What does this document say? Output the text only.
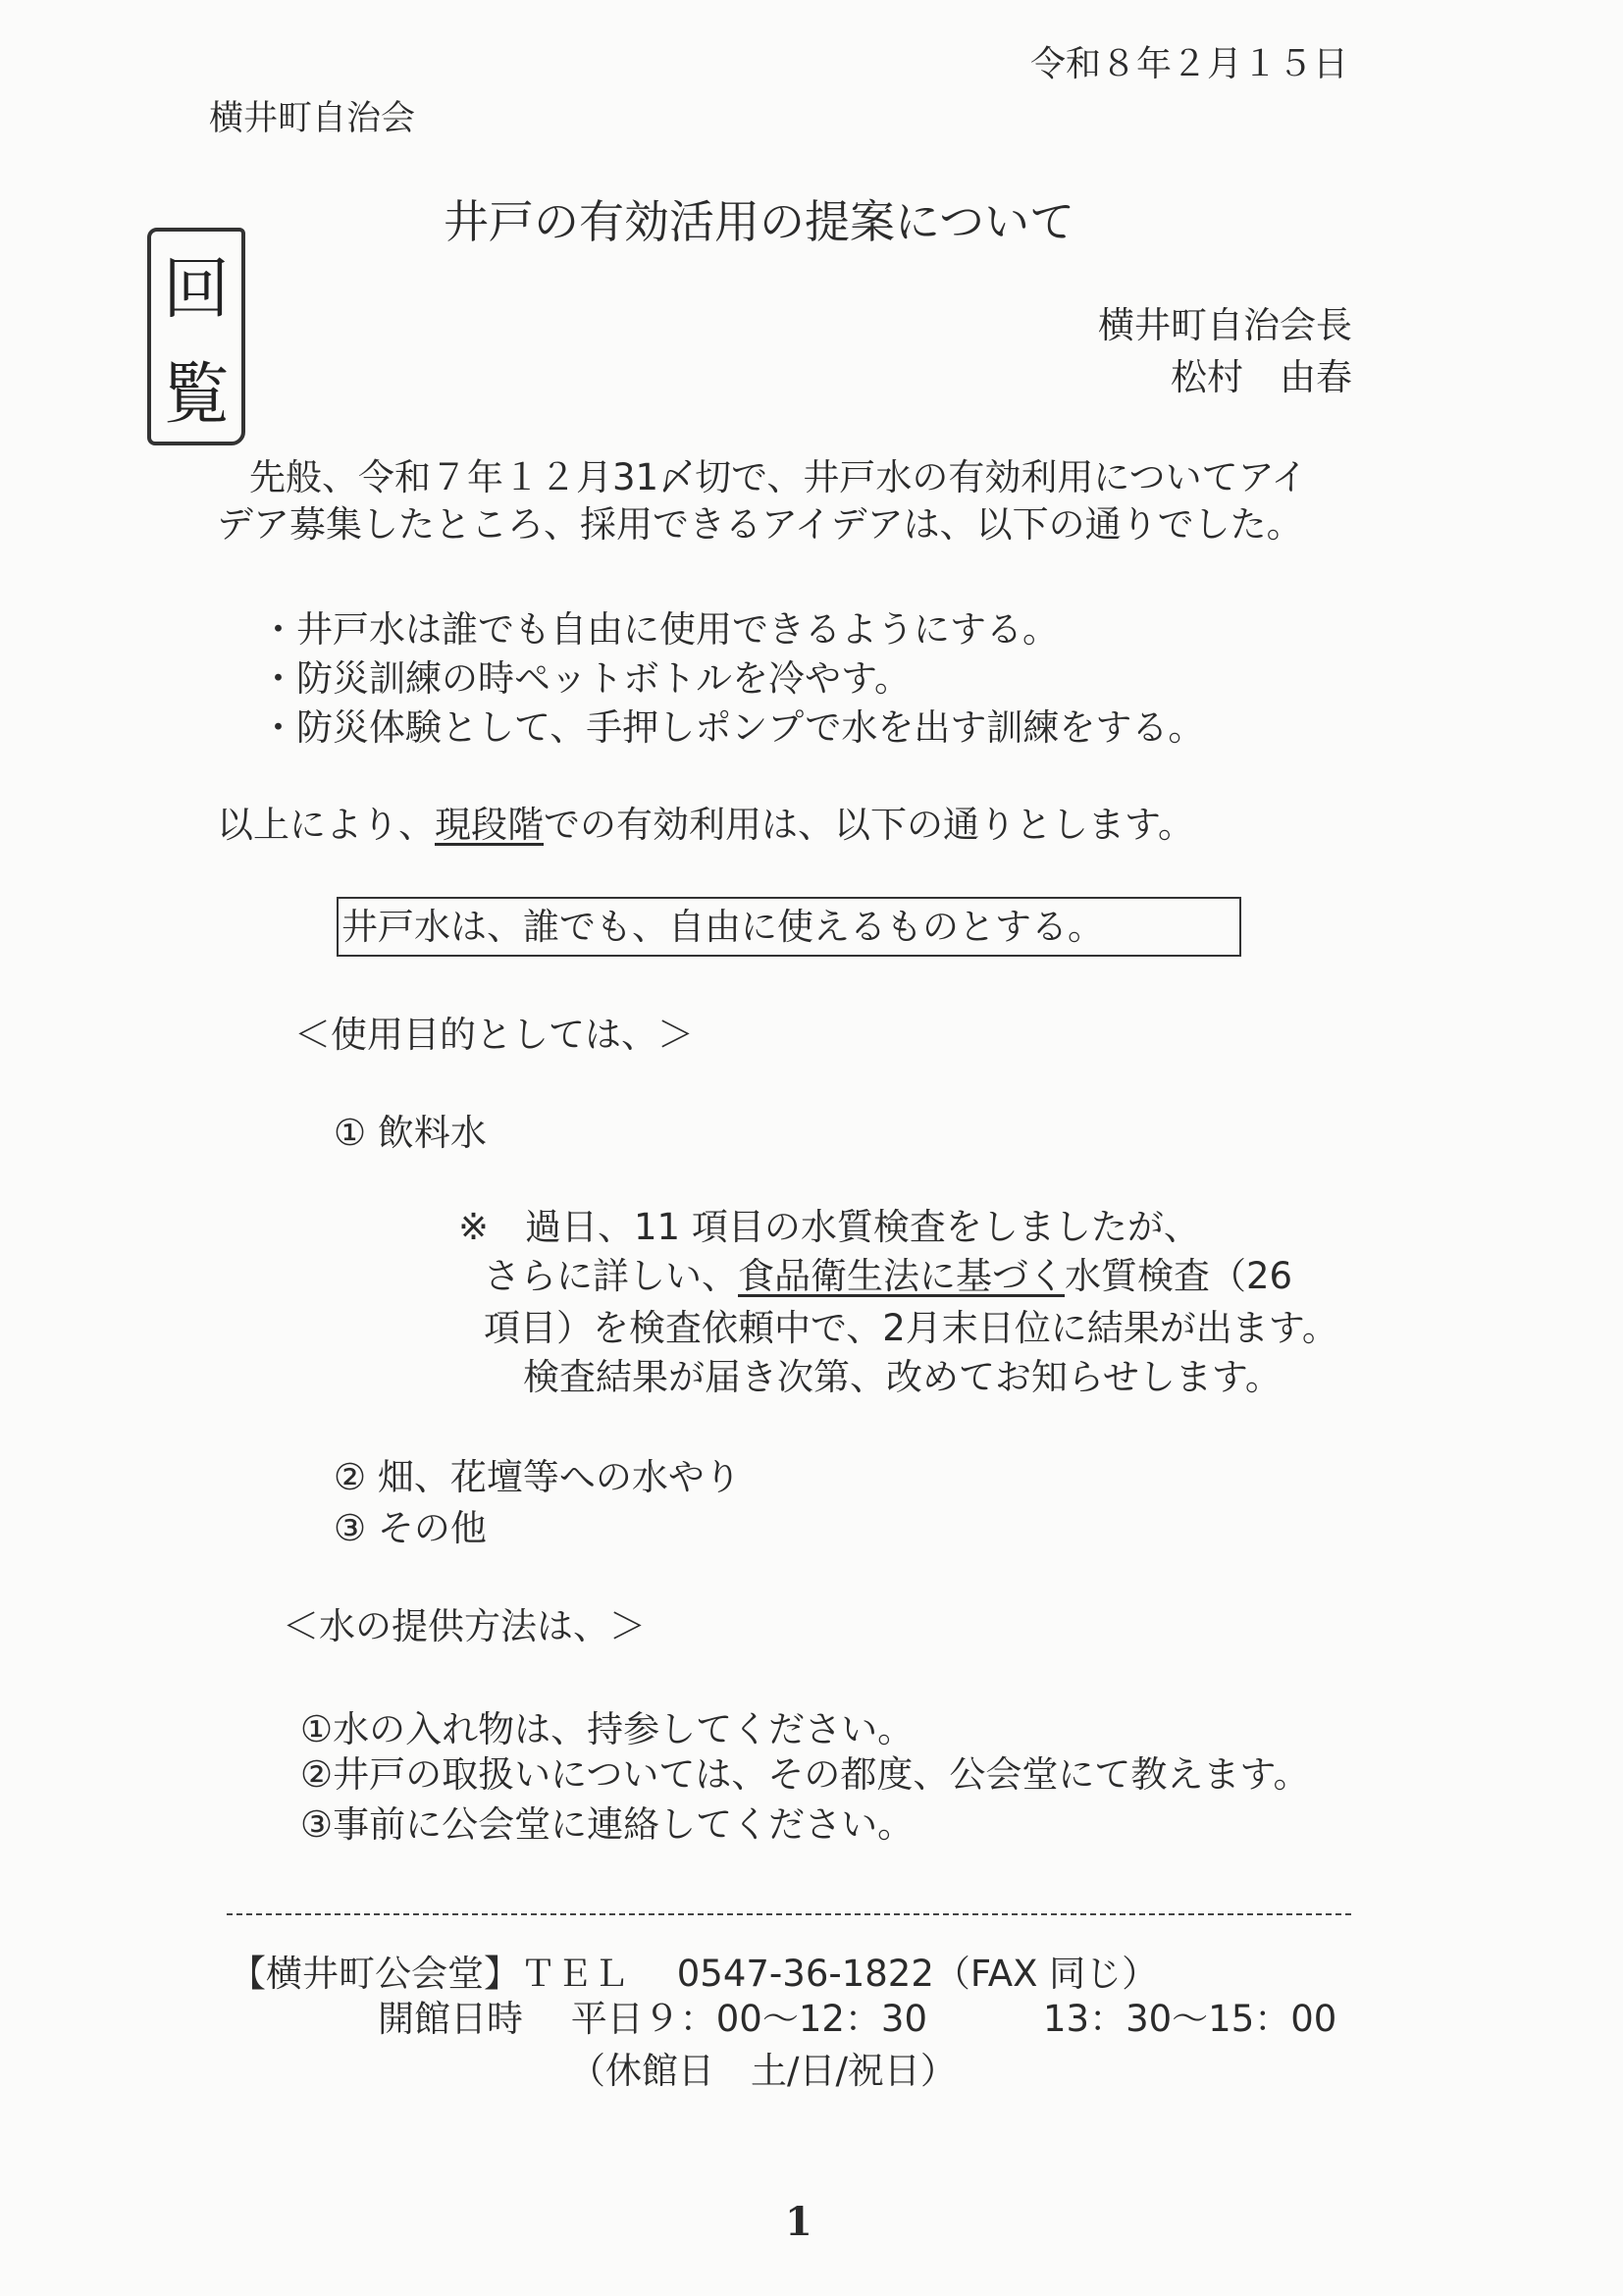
令和８年２月１５日
横井町自治会
井戸の有効活用の提案について
回
覧
横井町自治会長
松村　由春
先般、令和７年１２月31〆切で、井戸水の有効利用についてアイ
デア募集したところ、採用できるアイデアは、以下の通りでした。
・井戸水は誰でも自由に使用できるようにする。
・防災訓練の時ペットボトルを冷やす。
・防災体験として、手押しポンプで水を出す訓練をする。
以上により、現段階での有効利用は、以下の通りとします。
井戸水は、誰でも、自由に使えるものとする。
＜使用目的としては、＞
① 飲料水
※　過日、11 項目の水質検査をしましたが、
さらに詳しい、食品衛生法に基づく水質検査（26
項目）を検査依頼中で、2月末日位に結果が出ます。
検査結果が届き次第、改めてお知らせします。
② 畑、花壇等への水やり
③ その他
＜水の提供方法は、＞
①水の入れ物は、持参してください。
②井戸の取扱いについては、その都度、公会堂にて教えます。
③事前に公会堂に連絡してください。
【横井町公会堂】ＴＥＬ　 0547-36-1822（FAX 同じ）
開館日時　 平日９：00～12：30	13：30～15：00
（休館日　土/日/祝日）
1
